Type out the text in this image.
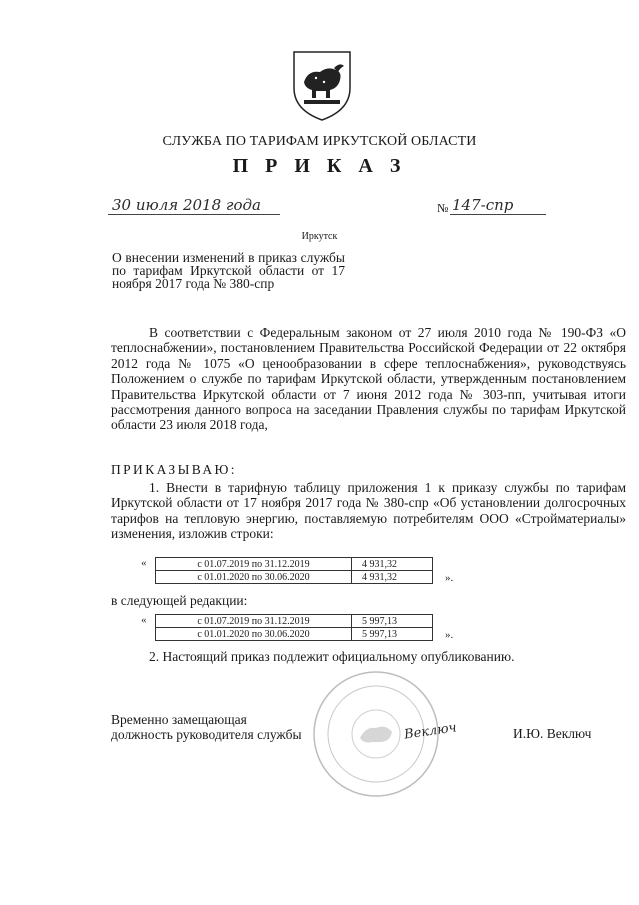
СЛУЖБА ПО ТАРИФАМ ИРКУТСКОЙ ОБЛАСТИ
П Р И К А З
30 июля 2018 года	№ 147-спр
Иркутск
О внесении изменений в приказ службы по тарифам Иркутской области от 17 ноября 2017 года № 380-спр
В соответствии с Федеральным законом от 27 июля 2010 года № 190-ФЗ «О теплоснабжении», постановлением Правительства Российской Федерации от 22 октября 2012 года № 1075 «О ценообразовании в сфере теплоснабжения», руководствуясь Положением о службе по тарифам Иркутской области, утвержденным постановлением Правительства Иркутской области от 7 июня 2012 года № 303-пп, учитывая итоги рассмотрения данного вопроса на заседании Правления службы по тарифам Иркутской области 23 июля 2018 года,
ПРИКАЗЫВАЮ:
1. Внести в тарифную таблицу приложения 1 к приказу службы по тарифам Иркутской области от 17 ноября 2017 года № 380-спр «Об установлении долгосрочных тарифов на тепловую энергию, поставляемую потребителям ООО «Стройматериалы» изменения, изложив строки:
«	с 01.07.2019 по 31.12.2019	4 931,32
с 01.01.2020 по 30.06.2020	4 931,32	».
в следующей редакции:
«	с 01.07.2019 по 31.12.2019	5 997,13
с 01.01.2020 по 30.06.2020	5 997,13	».
2. Настоящий приказ подлежит официальному опубликованию.
Временно замещающая
должность руководителя службы	Веключ	И.Ю. Веключ
